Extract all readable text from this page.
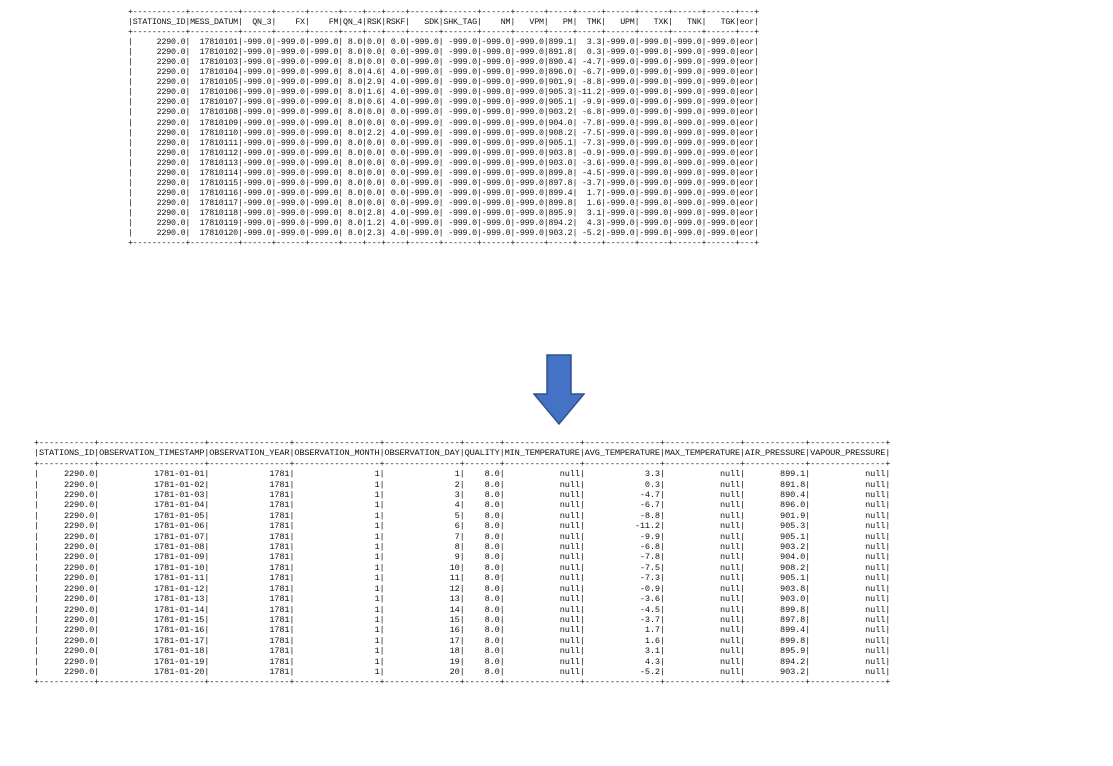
+-----------+----------+------+------+------+----+---+----+------+-------+------+------+-----+-----+------+------+------+------+---+
|STATIONS_ID|MESS_DATUM|  QN_3|    FX|    FM|QN_4|RSK|RSKF|   SDK|SHK_TAG|    NM|   VPM|   PM|  TMK|   UPM|   TXK|   TNK|   TGK|eor|
+-----------+----------+------+------+------+----+---+----+------+-------+------+------+-----+-----+------+------+------+------+---+
|     2290.0|  17810101|-999.0|-999.0|-999.0| 8.0|0.0| 0.0|-999.0| -999.0|-999.0|-999.0|899.1|  3.3|-999.0|-999.0|-999.0|-999.0|eor|
|     2290.0|  17810102|-999.0|-999.0|-999.0| 8.0|0.0| 0.0|-999.0| -999.0|-999.0|-999.0|891.8|  0.3|-999.0|-999.0|-999.0|-999.0|eor|
|     2290.0|  17810103|-999.0|-999.0|-999.0| 8.0|0.0| 0.0|-999.0| -999.0|-999.0|-999.0|890.4| -4.7|-999.0|-999.0|-999.0|-999.0|eor|
|     2290.0|  17810104|-999.0|-999.0|-999.0| 8.0|4.6| 4.0|-999.0| -999.0|-999.0|-999.0|896.0| -6.7|-999.0|-999.0|-999.0|-999.0|eor|
|     2290.0|  17810105|-999.0|-999.0|-999.0| 8.0|2.9| 4.0|-999.0| -999.0|-999.0|-999.0|901.9| -8.8|-999.0|-999.0|-999.0|-999.0|eor|
|     2290.0|  17810106|-999.0|-999.0|-999.0| 8.0|1.6| 4.0|-999.0| -999.0|-999.0|-999.0|905.3|-11.2|-999.0|-999.0|-999.0|-999.0|eor|
|     2290.0|  17810107|-999.0|-999.0|-999.0| 8.0|0.6| 4.0|-999.0| -999.0|-999.0|-999.0|905.1| -9.9|-999.0|-999.0|-999.0|-999.0|eor|
|     2290.0|  17810108|-999.0|-999.0|-999.0| 8.0|0.0| 0.0|-999.0| -999.0|-999.0|-999.0|903.2| -6.8|-999.0|-999.0|-999.0|-999.0|eor|
|     2290.0|  17810109|-999.0|-999.0|-999.0| 8.0|0.0| 0.0|-999.0| -999.0|-999.0|-999.0|904.0| -7.8|-999.0|-999.0|-999.0|-999.0|eor|
|     2290.0|  17810110|-999.0|-999.0|-999.0| 8.0|2.2| 4.0|-999.0| -999.0|-999.0|-999.0|908.2| -7.5|-999.0|-999.0|-999.0|-999.0|eor|
|     2290.0|  17810111|-999.0|-999.0|-999.0| 8.0|0.0| 0.0|-999.0| -999.0|-999.0|-999.0|905.1| -7.3|-999.0|-999.0|-999.0|-999.0|eor|
|     2290.0|  17810112|-999.0|-999.0|-999.0| 8.0|0.0| 0.0|-999.0| -999.0|-999.0|-999.0|903.8| -0.9|-999.0|-999.0|-999.0|-999.0|eor|
|     2290.0|  17810113|-999.0|-999.0|-999.0| 8.0|0.0| 0.0|-999.0| -999.0|-999.0|-999.0|903.0| -3.6|-999.0|-999.0|-999.0|-999.0|eor|
|     2290.0|  17810114|-999.0|-999.0|-999.0| 8.0|0.0| 0.0|-999.0| -999.0|-999.0|-999.0|899.8| -4.5|-999.0|-999.0|-999.0|-999.0|eor|
|     2290.0|  17810115|-999.0|-999.0|-999.0| 8.0|0.0| 0.0|-999.0| -999.0|-999.0|-999.0|897.8| -3.7|-999.0|-999.0|-999.0|-999.0|eor|
|     2290.0|  17810116|-999.0|-999.0|-999.0| 8.0|0.0| 0.0|-999.0| -999.0|-999.0|-999.0|899.4|  1.7|-999.0|-999.0|-999.0|-999.0|eor|
|     2290.0|  17810117|-999.0|-999.0|-999.0| 8.0|0.0| 0.0|-999.0| -999.0|-999.0|-999.0|899.8|  1.6|-999.0|-999.0|-999.0|-999.0|eor|
|     2290.0|  17810118|-999.0|-999.0|-999.0| 8.0|2.8| 4.0|-999.0| -999.0|-999.0|-999.0|895.9|  3.1|-999.0|-999.0|-999.0|-999.0|eor|
|     2290.0|  17810119|-999.0|-999.0|-999.0| 8.0|1.2| 4.0|-999.0| -999.0|-999.0|-999.0|894.2|  4.3|-999.0|-999.0|-999.0|-999.0|eor|
|     2290.0|  17810120|-999.0|-999.0|-999.0| 8.0|2.3| 4.0|-999.0| -999.0|-999.0|-999.0|903.2| -5.2|-999.0|-999.0|-999.0|-999.0|eor|
+-----------+----------+------+------+------+----+---+----+------+-------+------+------+-----+-----+------+------+------+------+---+
+-----------+---------------------+----------------+-----------------+---------------+-------+---------------+---------------+---------------+------------+---------------+
|STATIONS_ID|OBSERVATION_TIMESTAMP|OBSERVATION_YEAR|OBSERVATION_MONTH|OBSERVATION_DAY|QUALITY|MIN_TEMPERATURE|AVG_TEMPERATURE|MAX_TEMPERATURE|AIR_PRESSURE|VAPOUR_PRESSURE|
+-----------+---------------------+----------------+-----------------+---------------+-------+---------------+---------------+---------------+------------+---------------+
|     2290.0|           1781-01-01|            1781|                1|              1|    8.0|           null|            3.3|           null|       899.1|           null|
|     2290.0|           1781-01-02|            1781|                1|              2|    8.0|           null|            0.3|           null|       891.8|           null|
|     2290.0|           1781-01-03|            1781|                1|              3|    8.0|           null|           -4.7|           null|       890.4|           null|
|     2290.0|           1781-01-04|            1781|                1|              4|    8.0|           null|           -6.7|           null|       896.0|           null|
|     2290.0|           1781-01-05|            1781|                1|              5|    8.0|           null|           -8.8|           null|       901.9|           null|
|     2290.0|           1781-01-06|            1781|                1|              6|    8.0|           null|          -11.2|           null|       905.3|           null|
|     2290.0|           1781-01-07|            1781|                1|              7|    8.0|           null|           -9.9|           null|       905.1|           null|
|     2290.0|           1781-01-08|            1781|                1|              8|    8.0|           null|           -6.8|           null|       903.2|           null|
|     2290.0|           1781-01-09|            1781|                1|              9|    8.0|           null|           -7.8|           null|       904.0|           null|
|     2290.0|           1781-01-10|            1781|                1|             10|    8.0|           null|           -7.5|           null|       908.2|           null|
|     2290.0|           1781-01-11|            1781|                1|             11|    8.0|           null|           -7.3|           null|       905.1|           null|
|     2290.0|           1781-01-12|            1781|                1|             12|    8.0|           null|           -0.9|           null|       903.8|           null|
|     2290.0|           1781-01-13|            1781|                1|             13|    8.0|           null|           -3.6|           null|       903.0|           null|
|     2290.0|           1781-01-14|            1781|                1|             14|    8.0|           null|           -4.5|           null|       899.8|           null|
|     2290.0|           1781-01-15|            1781|                1|             15|    8.0|           null|           -3.7|           null|       897.8|           null|
|     2290.0|           1781-01-16|            1781|                1|             16|    8.0|           null|            1.7|           null|       899.4|           null|
|     2290.0|           1781-01-17|            1781|                1|             17|    8.0|           null|            1.6|           null|       899.8|           null|
|     2290.0|           1781-01-18|            1781|                1|             18|    8.0|           null|            3.1|           null|       895.9|           null|
|     2290.0|           1781-01-19|            1781|                1|             19|    8.0|           null|            4.3|           null|       894.2|           null|
|     2290.0|           1781-01-20|            1781|                1|             20|    8.0|           null|           -5.2|           null|       903.2|           null|
+-----------+---------------------+----------------+-----------------+---------------+-------+---------------+---------------+---------------+------------+---------------+
